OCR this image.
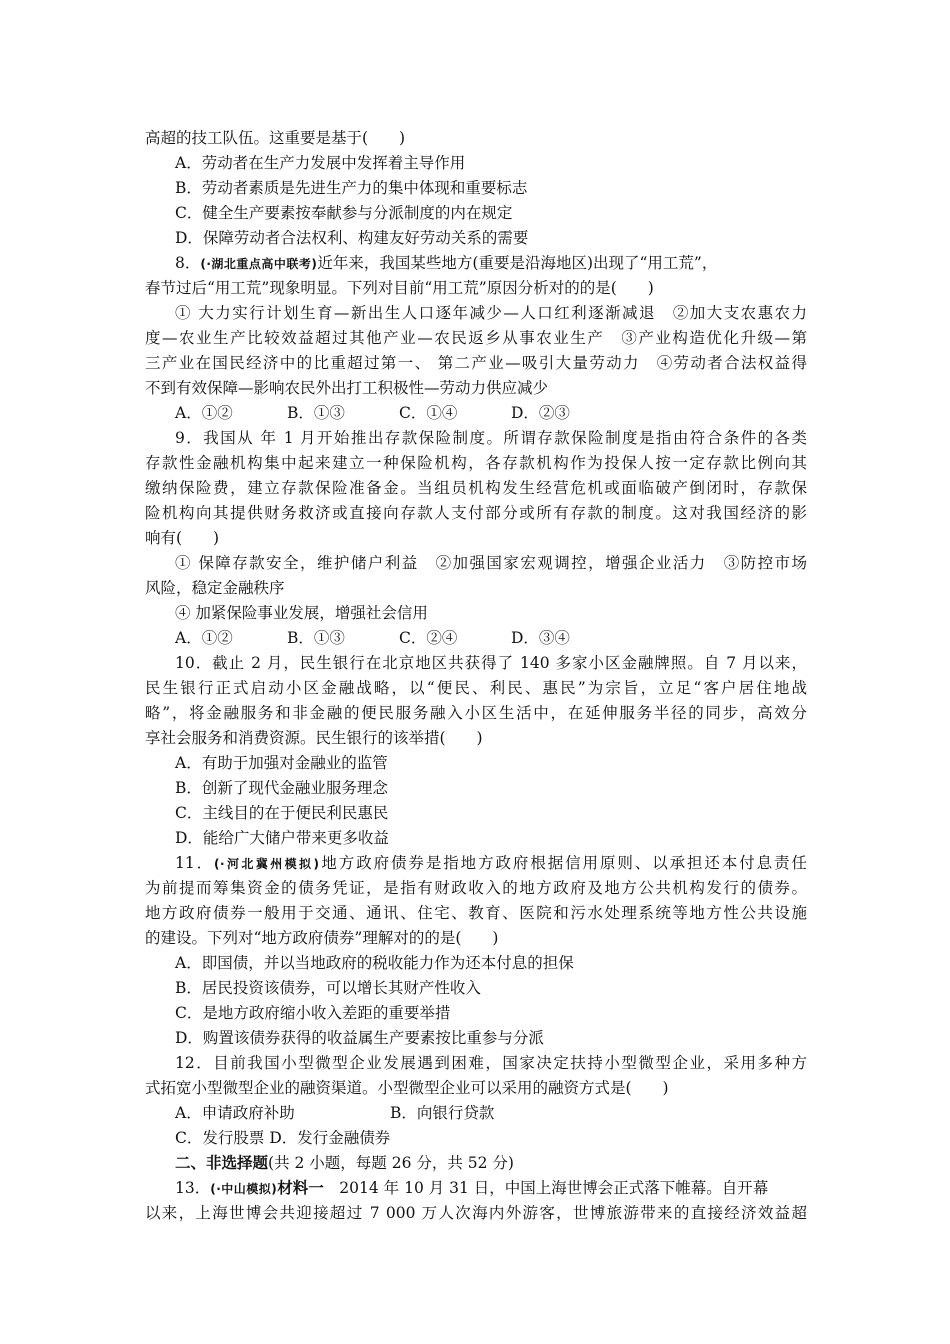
高超的技工队伍。这重要是基于(　　)
A．劳动者在生产力发展中发挥着主导作用
B．劳动者素质是先进生产力的集中体现和重要标志
C．健全生产要素按奉献参与分派制度的内在规定
D．保障劳动者合法权利、构建友好劳动关系的需要
8．(·湖北重点高中联考)近年来，我国某些地方(重要是沿海地区)出现了“用工荒”，
春节过后“用工荒”现象明显。下列对目前“用工荒”原因分析对的的是(　　)
① 大力实行计划生育—新出生人口逐年减少—人口红利逐渐减退　②加大支农惠农力
度—农业生产比较效益超过其他产业—农民返乡从事农业生产　③产业构造优化升级—第
三产业在国民经济中的比重超过第一、 第二产业—吸引大量劳动力　④劳动者合法权益得
不到有效保障—影响农民外出打工积极性—劳动力供应减少
A．①②	B．①③	C．①④	D．②③
9．我国从 年 1 月开始推出存款保险制度。所谓存款保险制度是指由符合条件的各类
存款性金融机构集中起来建立一种保险机构，各存款机构作为投保人按一定存款比例向其
缴纳保险费，建立存款保险准备金。当组员机构发生经营危机或面临破产倒闭时，存款保
险机构向其提供财务救济或直接向存款人支付部分或所有存款的制度。这对我国经济的影
响有(　　)
① 保障存款安全，维护储户利益　②加强国家宏观调控，增强企业活力　③防控市场
风险，稳定金融秩序
④ 加紧保险事业发展，增强社会信用
A．①②	B．①③	C．②④	D．③④
10．截止 2 月，民生银行在北京地区共获得了 140 多家小区金融牌照。自 7 月以来，
民生银行正式启动小区金融战略，以“便民、利民、惠民”为宗旨，立足“客户居住地战
略”，将金融服务和非金融的便民服务融入小区生活中，在延伸服务半径的同步，高效分
享社会服务和消费资源。民生银行的该举措(　　)
A．有助于加强对金融业的监管
B．创新了现代金融业服务理念
C．主线目的在于便民利民惠民
D．能给广大储户带来更多收益
11．(·河北冀州模拟)地方政府债券是指地方政府根据信用原则、以承担还本付息责任
为前提而筹集资金的债务凭证，是指有财政收入的地方政府及地方公共机构发行的债券。
地方政府债券一般用于交通、通讯、住宅、教育、医院和污水处理系统等地方性公共设施
的建设。下列对“地方政府债券”理解对的的是(　　)
A．即国债，并以当地政府的税收能力作为还本付息的担保
B．居民投资该债券，可以增长其财产性收入
C．是地方政府缩小收入差距的重要举措
D．购置该债券获得的收益属生产要素按比重参与分派
12．目前我国小型微型企业发展遇到困难，国家决定扶持小型微型企业，采用多种方
式拓宽小型微型企业的融资渠道。小型微型企业可以采用的融资方式是(　　)
A．申请政府补助	B．向银行贷款
C．发行股票 D．发行金融债券
二、非选择题(共 2 小题，每题 26 分，共 52 分)
13．(·中山模拟)材料一　2014 年 10 月 31 日，中国上海世博会正式落下帷幕。自开幕
以来，上海世博会共迎接超过 7 000 万人次海内外游客，世博旅游带来的直接经济效益超
